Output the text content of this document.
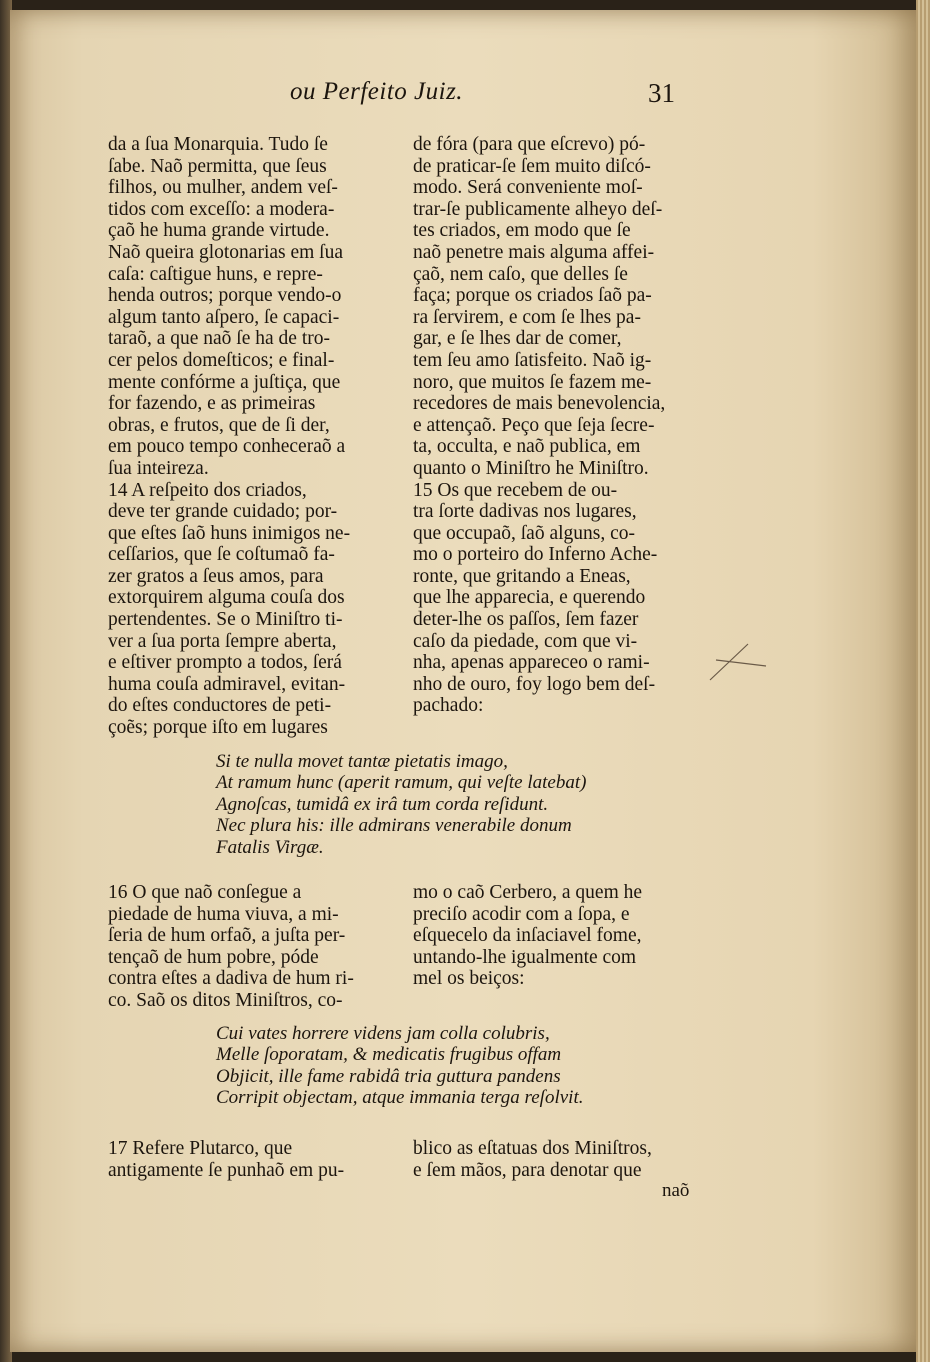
ou Perfeito Juiz.	31
da a ſua Monarquia. Tudo ſe
ſabe. Naõ permitta, que ſeus
filhos, ou mulher, andem veſ-
tidos com exceſſo: a modera-
çaõ he huma grande virtude.
Naõ queira glotonarias em ſua
caſa: caſtigue huns, e repre-
henda outros; porque vendo-o
algum tanto aſpero, ſe capaci-
taraõ, a que naõ ſe ha de tro-
cer pelos domeſticos; e final-
mente confórme a juſtiça, que
for fazendo, e as primeiras
obras, e frutos, que de ſi der,
em pouco tempo conheceraõ a
ſua inteireza.
14 A reſpeito dos criados,
deve ter grande cuidado; por-
que eſtes ſaõ huns inimigos ne-
ceſſarios, que ſe coſtumaõ fa-
zer gratos a ſeus amos, para
extorquirem alguma couſa dos
pertendentes. Se o Miniſtro ti-
ver a ſua porta ſempre aberta,
e eſtiver prompto a todos, ſerá
huma couſa admiravel, evitan-
do eſtes conductores de peti-
çoẽs; porque iſto em lugares
de fóra (para que eſcrevo) pó-
de praticar-ſe ſem muito diſcó-
modo. Será conveniente moſ-
trar-ſe publicamente alheyo deſ-
tes criados, em modo que ſe
naõ penetre mais alguma affei-
çaõ, nem caſo, que delles ſe
faça; porque os criados ſaõ pa-
ra ſervirem, e com ſe lhes pa-
gar, e ſe lhes dar de comer,
tem ſeu amo ſatisfeito. Naõ ig-
noro, que muitos ſe fazem me-
recedores de mais benevolencia,
e attençaõ. Peço que ſeja ſecre-
ta, occulta, e naõ publica, em
quanto o Miniſtro he Miniſtro.
15 Os que recebem de ou-
tra ſorte dadivas nos lugares,
que occupaõ, ſaõ alguns, co-
mo o porteiro do Inferno Ache-
ronte, que gritando a Eneas,
que lhe apparecia, e querendo
deter-lhe os paſſos, ſem fazer
caſo da piedade, com que vi-
nha, apenas appareceo o rami-
nho de ouro, foy logo bem deſ-
pachado:
Si te nulla movet tantæ pietatis imago,
At ramum hunc (aperit ramum, qui veſte latebat)
Agnoſcas, tumidâ ex irâ tum corda reſidunt.
Nec plura his: ille admirans venerabile donum
Fatalis Virgæ.
16 O que naõ conſegue a
piedade de huma viuva, a mi-
ſeria de hum orfaõ, a juſta per-
tençaõ de hum pobre, póde
contra eſtes a dadiva de hum ri-
co. Saõ os ditos Miniſtros, co-
mo o caõ Cerbero, a quem he
preciſo acodir com a ſopa, e
eſquecelo da inſaciavel fome,
untando-lhe igualmente com
mel os beiços:
Cui vates horrere videns jam colla colubris,
Melle ſoporatam, & medicatis frugibus offam
Objicit, ille fame rabidâ tria guttura pandens
Corripit objectam, atque immania terga reſolvit.
17 Refere Plutarco, que
antigamente ſe punhaõ em pu-
blico as eſtatuas dos Miniſtros,
e ſem mãos, para denotar que
naõ
